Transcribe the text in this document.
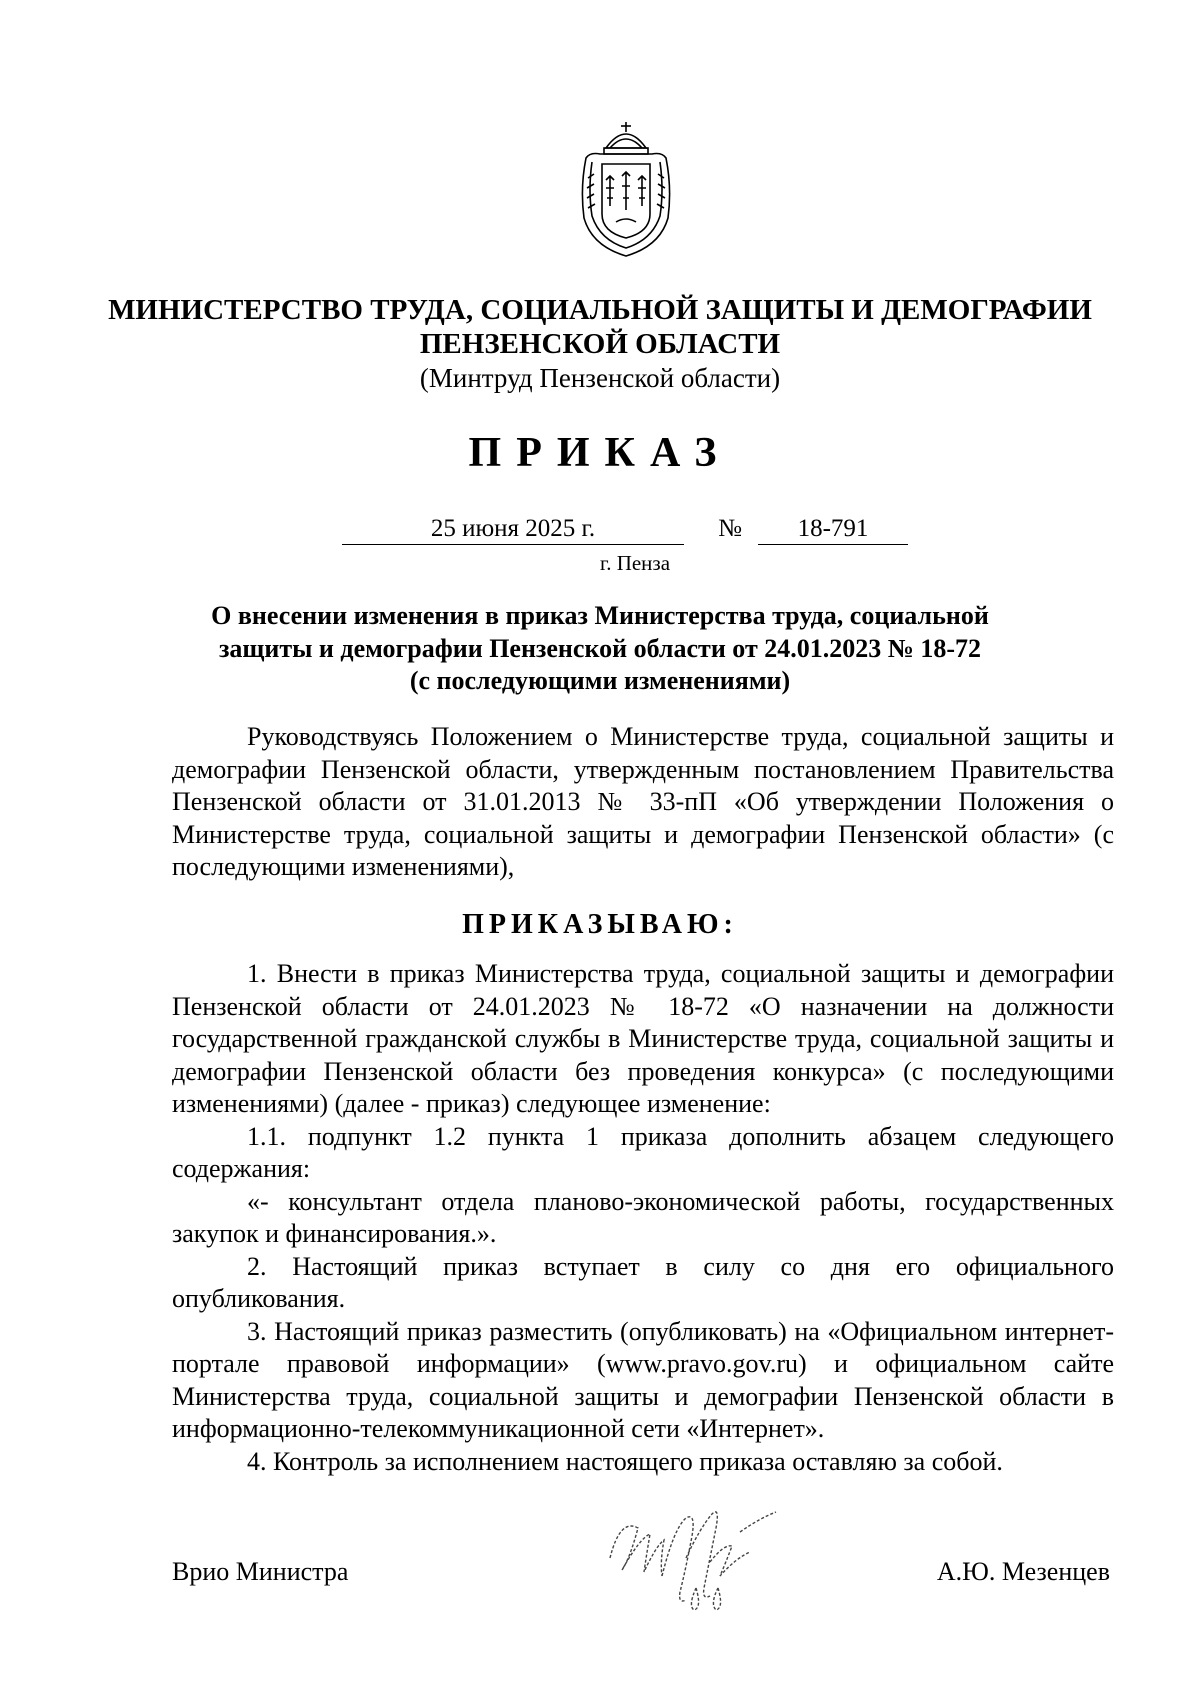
МИНИСТЕРСТВО ТРУДА, СОЦИАЛЬНОЙ ЗАЩИТЫ И ДЕМОГРАФИИ
ПЕНЗЕНСКОЙ ОБЛАСТИ
(Минтруд Пензенской области)
ПРИКАЗ
25 июня 2025 г.	№	18-791
г. Пенза
О внесении изменения в приказ Министерства труда, социальной
защиты и демографии Пензенской области от 24.01.2023 № 18-72
(с последующими изменениями)

Руководствуясь Положением о Министерстве труда, социальной защиты и демографии Пензенской области, утвержденным постановлением Правительства Пензенской области от 31.01.2013 № 33-пП «Об утверждении Положения о Министерстве труда, социальной защиты и демографии Пензенской области» (с последующими изменениями),

ПРИКАЗЫВАЮ:

1. Внести в приказ Министерства труда, социальной защиты и демографии Пензенской области от 24.01.2023 № 18-72 «О назначении на должности государственной гражданской службы в Министерстве труда, социальной защиты и демографии Пензенской области без проведения конкурса» (с последующими изменениями) (далее - приказ) следующее изменение:

1.1. подпункт 1.2 пункта 1 приказа дополнить абзацем следующего содержания:

«- консультант отдела планово-экономической работы, государственных закупок и финансирования.».

2. Настоящий приказ вступает в силу со дня его официального опубликования.

3. Настоящий приказ разместить (опубликовать) на «Официальном интернет-портале правовой информации» (www.pravo.gov.ru) и официальном сайте Министерства труда, социальной защиты и демографии Пензенской области в информационно-телекоммуникационной сети «Интернет».

4. Контроль за исполнением настоящего приказа оставляю за собой.

Врио Министра	А.Ю. Мезенцев
